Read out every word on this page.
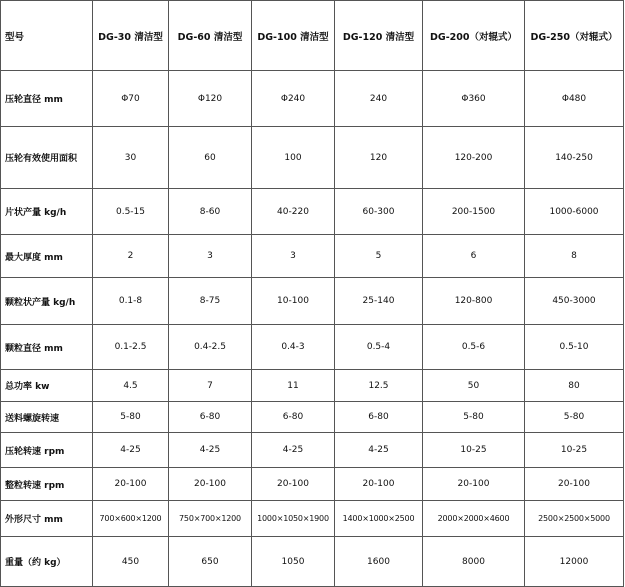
型号	DG-30 清洁型	DG-60 清洁型	DG-100 清洁型	DG-120 清洁型	DG-200（对辊式）	DG-250（对辊式）
压轮直径 mm	Φ70	Φ120	Φ240	240	Φ360	Φ480
压轮有效使用面积	30	60	100	120	120-200	140-250
片状产量 kg/h	0.5-15	8-60	40-220	60-300	200-1500	1000-6000
最大厚度 mm	2	3	3	5	6	8
颗粒状产量 kg/h	0.1-8	8-75	10-100	25-140	120-800	450-3000
颗粒直径 mm	0.1-2.5	0.4-2.5	0.4-3	0.5-4	0.5-6	0.5-10
总功率 kw	4.5	7	11	12.5	50	80
送料螺旋转速	5-80	6-80	6-80	6-80	5-80	5-80
压轮转速 rpm	4-25	4-25	4-25	4-25	10-25	10-25
整粒转速 rpm	20-100	20-100	20-100	20-100	20-100	20-100
外形尺寸 mm	700×600×1200	750×700×1200	1000×1050×1900	1400×1000×2500	2000×2000×4600	2500×2500×5000
重量（约 kg）	450	650	1050	1600	8000	12000
